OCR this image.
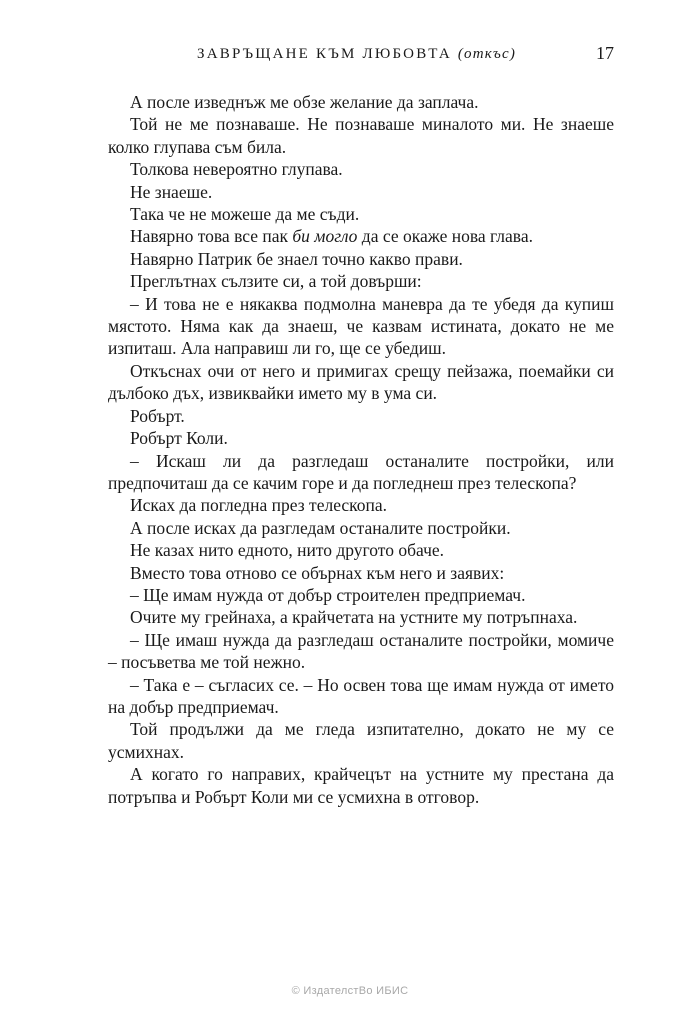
ЗАВРЪЩАНЕ КЪМ ЛЮБОВТА (откъс)	17

А после изведнъж ме обзе желание да заплача.

Той не ме познаваше. Не познаваше миналото ми. Не знаеше колко глупава съм била.

Толкова невероятно глупава.

Не знаеше.

Така че не можеше да ме съди.

Навярно това все пак би могло да се окаже нова глава.

Навярно Патрик бе знаел точно какво прави.

Преглътнах сълзите си, а той довърши:

– И това не е някаква подмолна маневра да те убедя да купиш мястото. Няма как да знаеш, че казвам истината, докато не ме изпиташ. Ала направиш ли го, ще се убедиш.

Откъснах очи от него и примигах срещу пейзажа, поемайки си дълбоко дъх, извиквайки името му в ума си.

Робърт.

Робърт Коли.

– Искаш ли да разгледаш останалите постройки, или предпочиташ да се качим горе и да погледнеш през телескопа?

Исках да погледна през телескопа.

А после исках да разгледам останалите постройки.

Не казах нито едното, нито другото обаче.

Вместо това отново се обърнах към него и заявих:

– Ще имам нужда от добър строителен предприемач.

Очите му грейнаха, а крайчетата на устните му потръпнаха.

– Ще имаш нужда да разгледаш останалите постройки, момиче – посъветва ме той нежно.

– Така е – съгласих се. – Но освен това ще имам нужда от името на добър предприемач.

Той продължи да ме гледа изпитателно, докато не му се усмихнах.

А когато го направих, крайчецът на устните му престана да потръпва и Робърт Коли ми се усмихна в отговор.

© ИздателстВо ИБИС
